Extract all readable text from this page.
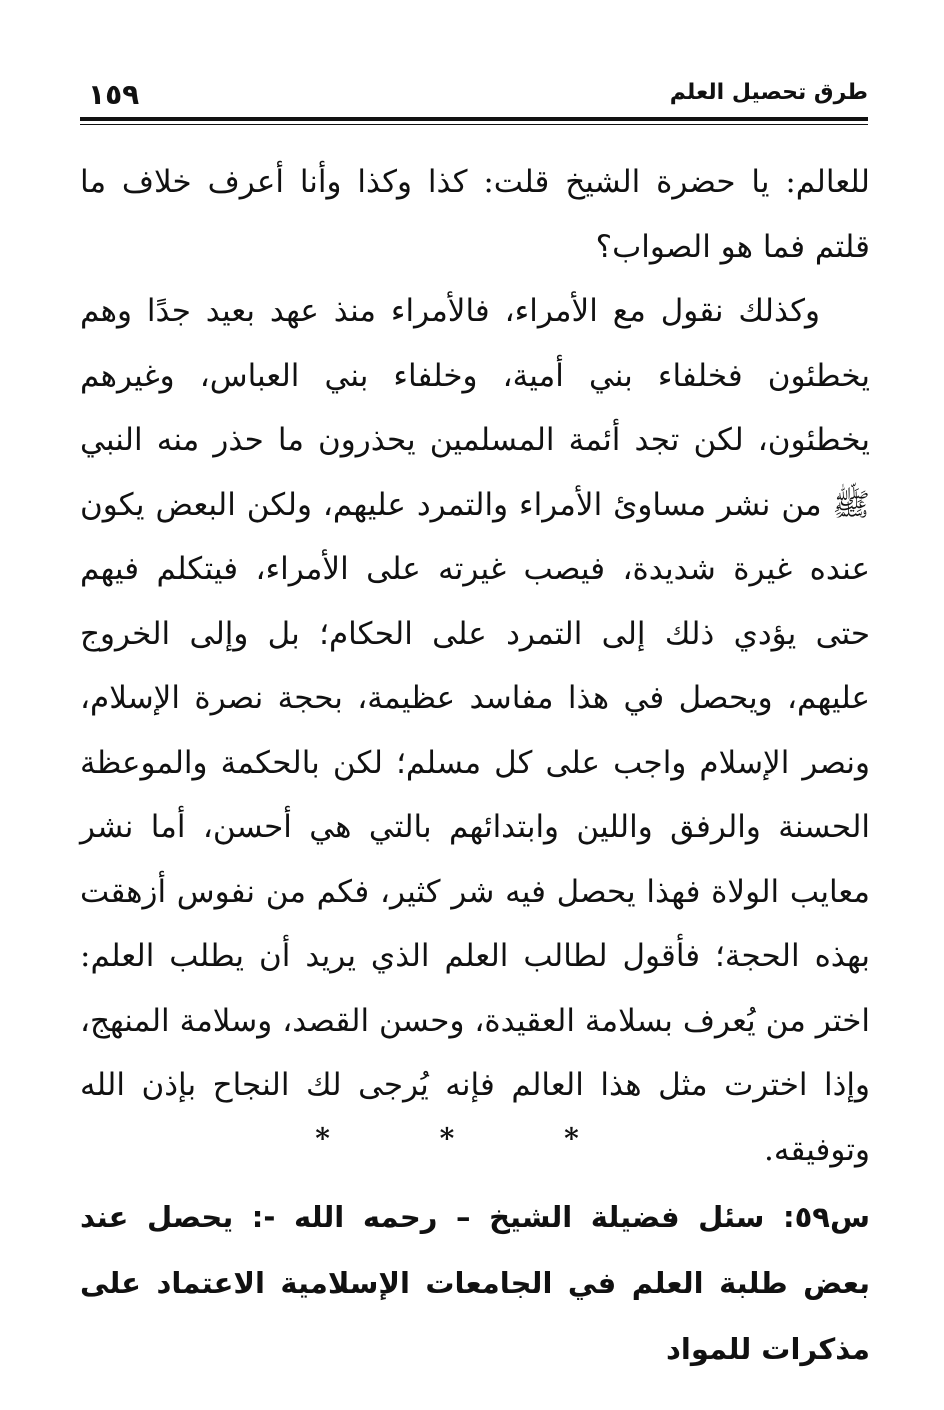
طرق تحصيل العلم
١٥٩

للعالم: يا حضرة الشيخ قلت: كذا وكذا وأنا أعرف خلاف ما قلتم فما هو الصواب؟

وكذلك نقول مع الأمراء، فالأمراء منذ عهد بعيد جدًا وهم يخطئون فخلفاء بني أمية، وخلفاء بني العباس، وغيرهم يخطئون، لكن تجد أئمة المسلمين يحذرون ما حذر منه النبي ﷺ من نشر مساوئ الأمراء والتمرد عليهم، ولكن البعض يكون عنده غيرة شديدة، فيصب غيرته على الأمراء، فيتكلم فيهم حتى يؤدي ذلك إلى التمرد على الحكام؛ بل وإلى الخروج عليهم، ويحصل في هذا مفاسد عظيمة، بحجة نصرة الإسلام، ونصر الإسلام واجب على كل مسلم؛ لكن بالحكمة والموعظة الحسنة والرفق واللين وابتدائهم بالتي هي أحسن، أما نشر معايب الولاة فهذا يحصل فيه شر كثير، فكم من نفوس أزهقت بهذه الحجة؛ فأقول لطالب العلم الذي يريد أن يطلب العلم: اختر من يُعرف بسلامة العقيدة، وحسن القصد، وسلامة المنهج، وإذا اخترت مثل هذا العالم فإنه يُرجى لك النجاح بإذن الله وتوفيقه.

* * *

س٥٩: سئل فضيلة الشيخ – رحمه الله -: يحصل عند بعض طلبة العلم في الجامعات الإسلامية الاعتماد على مذكرات للمواد
